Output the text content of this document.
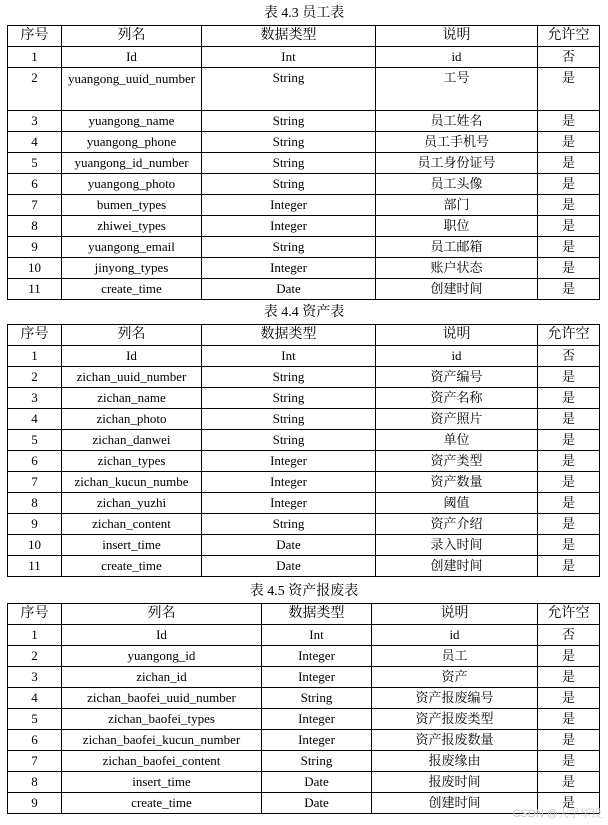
表 4.3 员工表
序号	列名	数据类型	说明	允许空
1	Id	Int	id	否
2	yuangong_uuid_number	String	工号	是
3	yuangong_name	String	员工姓名	是
4	yuangong_phone	String	员工手机号	是
5	yuangong_id_number	String	员工身份证号	是
6	yuangong_photo	String	员工头像	是
7	bumen_types	Integer	部门	是
8	zhiwei_types	Integer	职位	是
9	yuangong_email	String	员工邮箱	是
10	jinyong_types	Integer	账户状态	是
11	create_time	Date	创建时间	是
表 4.4 资产表
序号	列名	数据类型	说明	允许空
1	Id	Int	id	否
2	zichan_uuid_number	String	资产编号	是
3	zichan_name	String	资产名称	是
4	zichan_photo	String	资产照片	是
5	zichan_danwei	String	单位	是
6	zichan_types	Integer	资产类型	是
7	zichan_kucun_numbe	Integer	资产数量	是
8	zichan_yuzhi	Integer	阈值	是
9	zichan_content	String	资产介绍	是
10	insert_time	Date	录入时间	是
11	create_time	Date	创建时间	是
表 4.5 资产报废表
序号	列名	数据类型	说明	允许空
1	Id	Int	id	否
2	yuangong_id	Integer	员工	是
3	zichan_id	Integer	资产	是
4	zichan_baofei_uuid_number	String	资产报废编号	是
5	zichan_baofei_types	Integer	资产报废类型	是
6	zichan_baofei_kucun_number	Integer	资产报废数量	是
7	zichan_baofei_content	String	报废缘由	是
8	insert_time	Date	报废时间	是
9	create_time	Date	创建时间	是
CSDN @大学毕设
